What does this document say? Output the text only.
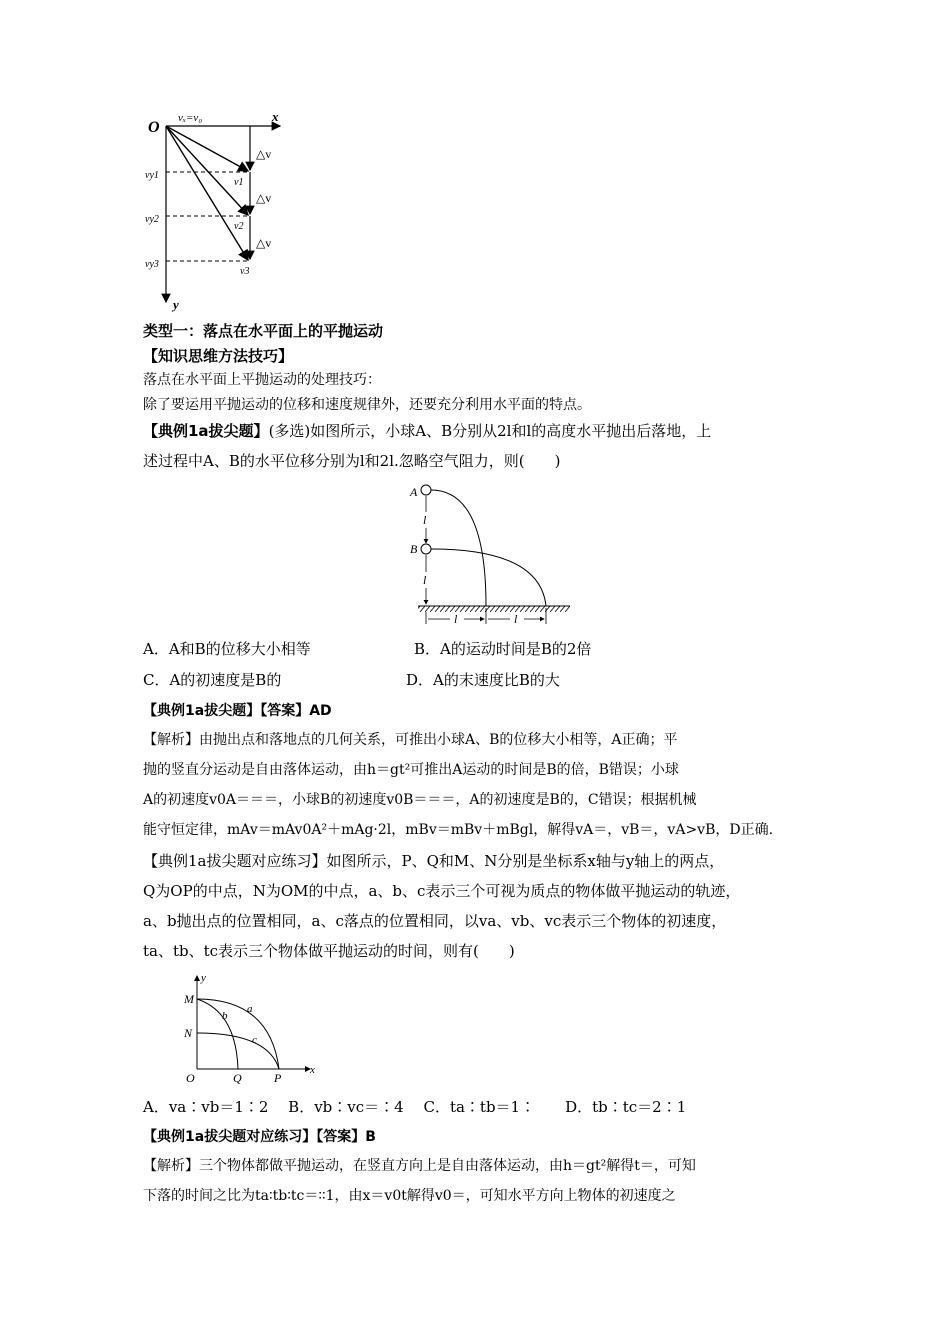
O
vₓ=v₀	x
y
△v
△v
△v
vy1
vy2
vy3
v1
v2
v3
类型一：落点在水平面上的平抛运动
【知识思维方法技巧】
落点在水平面上平抛运动的处理技巧：
除了要运用平抛运动的位移和速度规律外，还要充分利用水平面的特点。
【典例1a拔尖题】(多选)如图所示，小球A、B分别从2l和l的高度水平抛出后落地，上
述过程中A、B的水平位移分别为l和2l.忽略空气阻力，则(　　)
A
B
l
l
l	l
A．A和B的位移大小相等	B．A的运动时间是B的2倍
C．A的初速度是B的	D．A的末速度比B的大
【典例1a拔尖题】【答案】AD
【解析】由抛出点和落地点的几何关系，可推出小球A、B的位移大小相等，A正确；平
抛的竖直分运动是自由落体运动，由h＝gt²可推出A运动的时间是B的倍，B错误；小球
A的初速度v0A＝＝＝，小球B的初速度v0B＝＝＝，A的初速度是B的，C错误；根据机械
能守恒定律，mAv＝mAv0A²＋mAg·2l，mBv＝mBv＋mBgl，解得vA＝，vB＝，vA>vB，D正确.
【典例1a拔尖题对应练习】如图所示，P、Q和M、N分别是坐标系x轴与y轴上的两点，
Q为OP的中点，N为OM的中点，a、b、c表示三个可视为质点的物体做平抛运动的轨迹，
a、b抛出点的位置相同，a、c落点的位置相同，以va、vb、vc表示三个物体的初速度，
ta、tb、tc表示三个物体做平抛运动的时间，则有(　　)
y
x
M
N
O	Q	P
a
b
c
A．va∶vb＝1∶2　 B．vb∶vc＝∶4　 C．ta∶tb＝1∶　　D．tb∶tc＝2∶1
【典例1a拔尖题对应练习】【答案】B
【解析】三个物体都做平抛运动，在竖直方向上是自由落体运动，由h＝gt²解得t＝，可知
下落的时间之比为ta∶tb∶tc＝∶∶1，由x＝v0t解得v0＝，可知水平方向上物体的初速度之
